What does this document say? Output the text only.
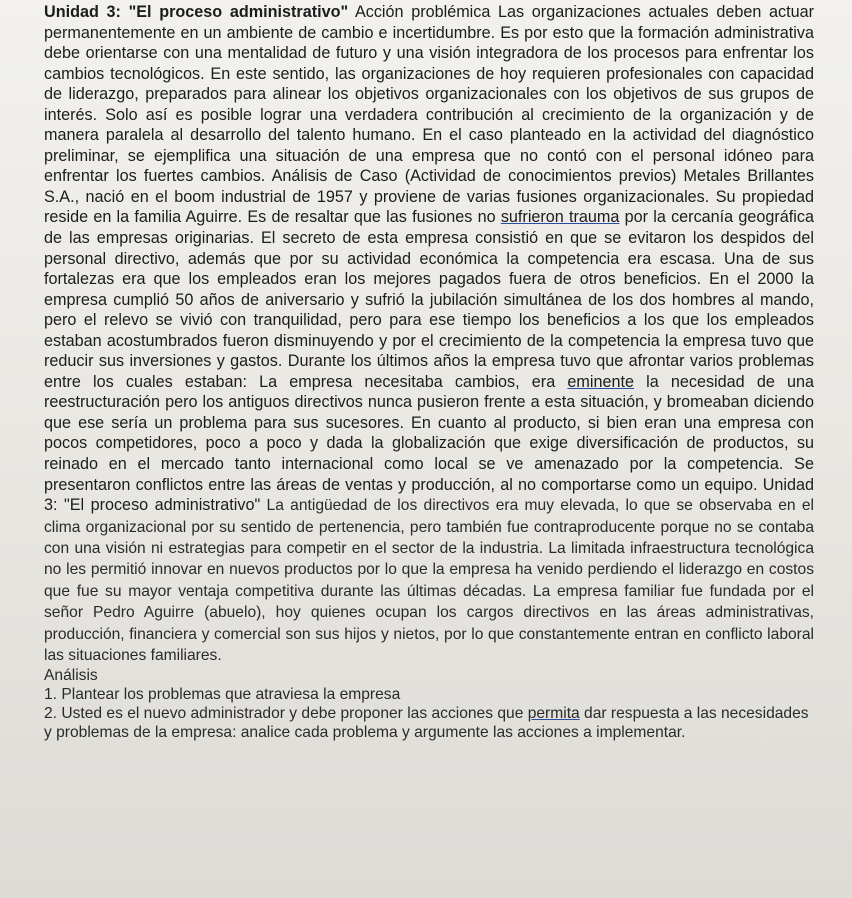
Unidad 3: "El proceso administrativo" Acción problémica Las organizaciones actuales deben actuar permanentemente en un ambiente de cambio e incertidumbre. Es por esto que la formación administrativa debe orientarse con una mentalidad de futuro y una visión integradora de los procesos para enfrentar los cambios tecnológicos. En este sentido, las organizaciones de hoy requieren profesionales con capacidad de liderazgo, preparados para alinear los objetivos organizacionales con los objetivos de sus grupos de interés. Solo así es posible lograr una verdadera contribución al crecimiento de la organización y de manera paralela al desarrollo del talento humano. En el caso planteado en la actividad del diagnóstico preliminar, se ejemplifica una situación de una empresa que no contó con el personal idóneo para enfrentar los fuertes cambios. Análisis de Caso (Actividad de conocimientos previos) Metales Brillantes S.A., nació en el boom industrial de 1957 y proviene de varias fusiones organizacionales. Su propiedad reside en la familia Aguirre. Es de resaltar que las fusiones no sufrieron trauma por la cercanía geográfica de las empresas originarias. El secreto de esta empresa consistió en que se evitaron los despidos del personal directivo, además que por su actividad económica la competencia era escasa. Una de sus fortalezas era que los empleados eran los mejores pagados fuera de otros beneficios. En el 2000 la empresa cumplió 50 años de aniversario y sufrió la jubilación simultánea de los dos hombres al mando, pero el relevo se vivió con tranquilidad, pero para ese tiempo los beneficios a los que los empleados estaban acostumbrados fueron disminuyendo y por el crecimiento de la competencia la empresa tuvo que reducir sus inversiones y gastos. Durante los últimos años la empresa tuvo que afrontar varios problemas entre los cuales estaban: La empresa necesitaba cambios, era eminente la necesidad de una reestructuración pero los antiguos directivos nunca pusieron frente a esta situación, y bromeaban diciendo que ese sería un problema para sus sucesores. En cuanto al producto, si bien eran una empresa con pocos competidores, poco a poco y dada la globalización que exige diversificación de productos, su reinado en el mercado tanto internacional como local se ve amenazado por la competencia. Se presentaron conflictos entre las áreas de ventas y producción, al no comportarse como un equipo. Unidad 3: "El proceso administrativo" La antigüedad de los directivos era muy elevada, lo que se observaba en el clima organizacional por su sentido de pertenencia, pero también fue contraproducente porque no se contaba con una visión ni estrategias para competir en el sector de la industria. La limitada infraestructura tecnológica no les permitió innovar en nuevos productos por lo que la empresa ha venido perdiendo el liderazgo en costos que fue su mayor ventaja competitiva durante las últimas décadas. La empresa familiar fue fundada por el señor Pedro Aguirre (abuelo), hoy quienes ocupan los cargos directivos en las áreas administrativas, producción, financiera y comercial son sus hijos y nietos, por lo que constantemente entran en conflicto laboral las situaciones familiares.

Análisis

1. Plantear los problemas que atraviesa la empresa
2. Usted es el nuevo administrador y debe proponer las acciones que permita dar respuesta a las necesidades y problemas de la empresa: analice cada problema y argumente las acciones a implementar.
